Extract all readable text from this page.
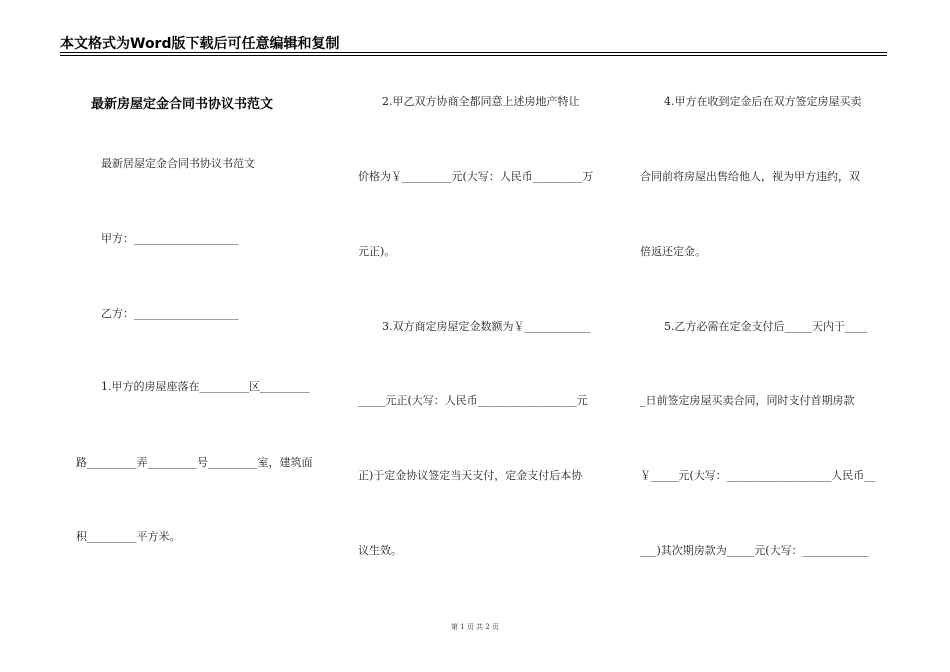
本文格式为Word版下载后可任意编辑和复制
最新房屋定金合同书协议书范文
最新居屋定金合同书协议书范文
甲方：___________________
乙方：___________________
1.甲方的房屋座落在_________区_________
路_________弄_________号_________室，建筑面
积_________平方米。
2.甲乙双方协商全都同意上述房地产特让
价格为￥_________元(大写：人民币_________万
元正)。
3.双方商定房屋定金数额为￥____________
_____元正(大写：人民币__________________元
正)于定金协议签定当天支付，定金支付后本协
议生效。
4.甲方在收到定金后在双方签定房屋买卖
合同前将房屋出售给他人，视为甲方违约，双
倍返还定金。
5.乙方必需在定金支付后_____天内于____
_日前签定房屋买卖合同，同时支付首期房款
￥_____元(大写：___________________人民币__
___)其次期房款为_____元(大写：____________
第 1 页 共 2 页
